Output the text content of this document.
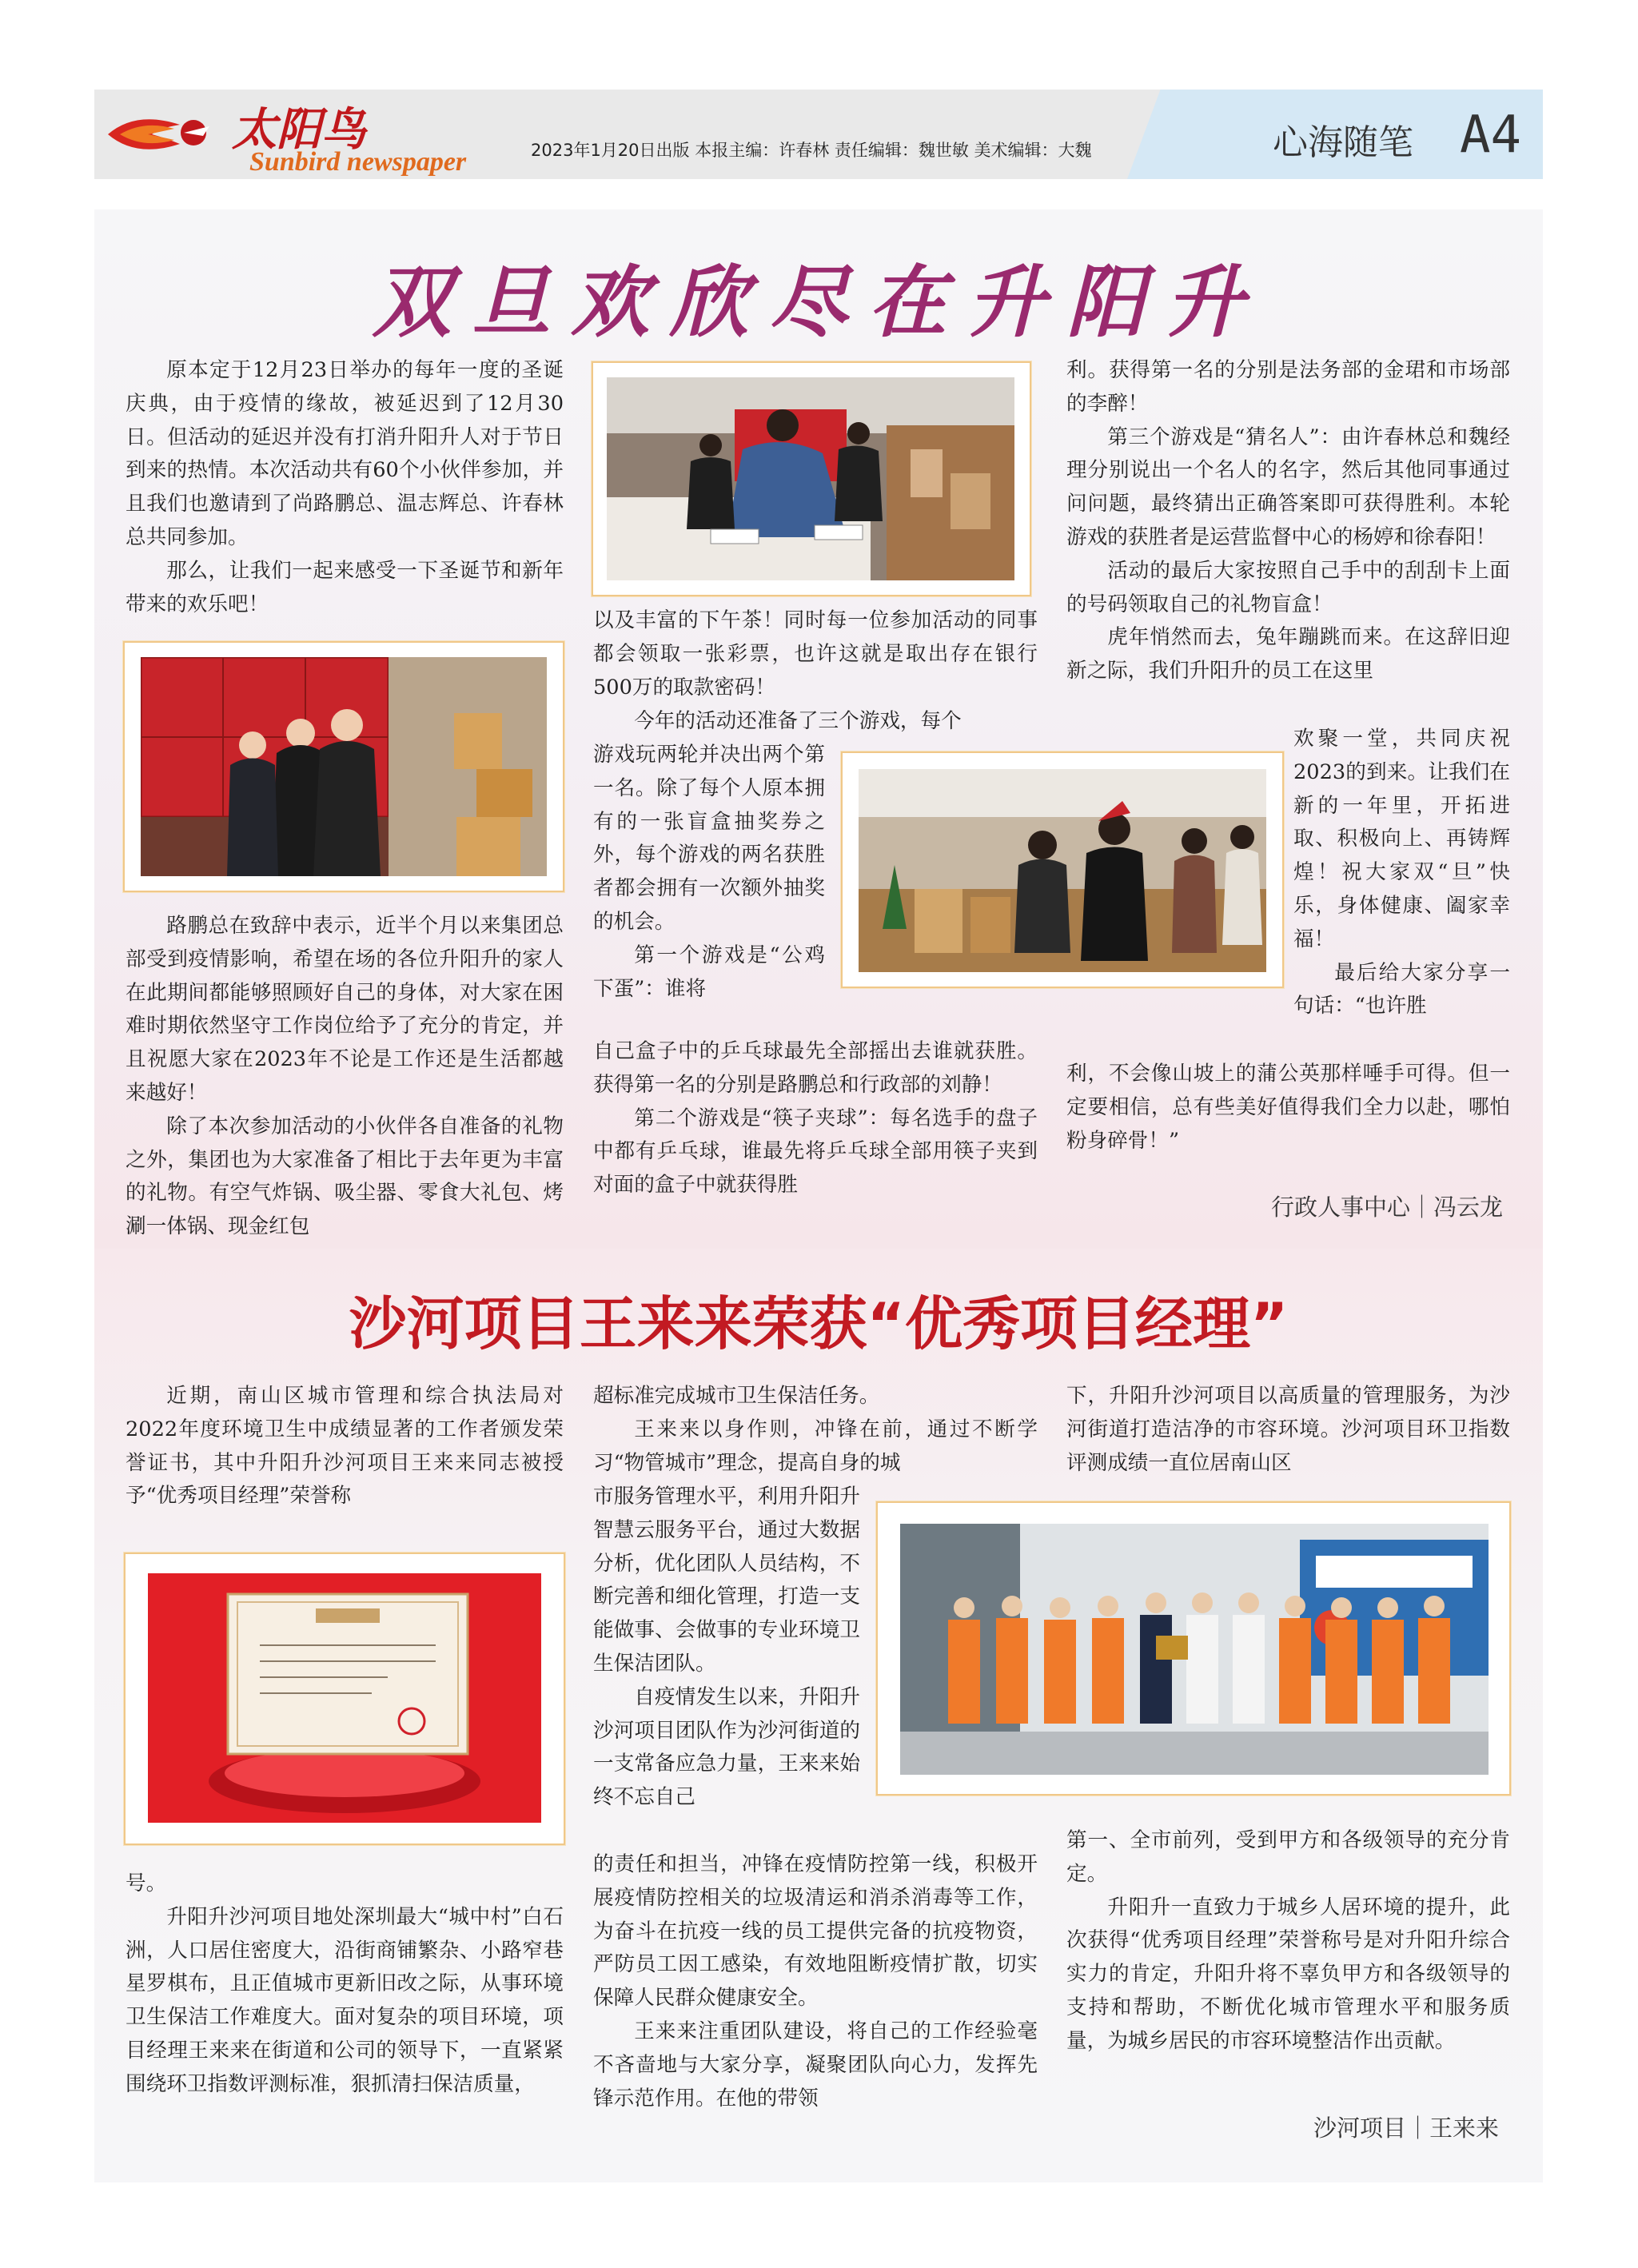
太阳鸟
Sunbird newspaper	2023年1月20日出版 本报主编：许春林 责任编辑：魏世敏 美术编辑：大魏	心海随笔 A4
双旦欢欣尽在升阳升

原本定于12月23日举办的每年一度的圣诞庆典，由于疫情的缘故，被延迟到了12月30日。但活动的延迟并没有打消升阳升人对于节日到来的热情。本次活动共有60个小伙伴参加，并且我们也邀请到了尚路鹏总、温志辉总、许春林总共同参加。

那么，让我们一起来感受一下圣诞节和新年带来的欢乐吧！

路鹏总在致辞中表示，近半个月以来集团总部受到疫情影响，希望在场的各位升阳升的家人在此期间都能够照顾好自己的身体，对大家在困难时期依然坚守工作岗位给予了充分的肯定，并且祝愿大家在2023年不论是工作还是生活都越来越好！

除了本次参加活动的小伙伴各自准备的礼物之外，集团也为大家准备了相比于去年更为丰富的礼物。有空气炸锅、吸尘器、零食大礼包、烤涮一体锅、现金红包

以及丰富的下午茶！同时每一位参加活动的同事都会领取一张彩票，也许这就是取出存在银行500万的取款密码！

今年的活动还准备了三个游戏，每个

游戏玩两轮并决出两个第一名。除了每个人原本拥有的一张盲盒抽奖券之外，每个游戏的两名获胜者都会拥有一次额外抽奖的机会。

第一个游戏是“公鸡下蛋”：谁将

自己盒子中的乒乓球最先全部摇出去谁就获胜。获得第一名的分别是路鹏总和行政部的刘静！

第二个游戏是“筷子夹球”：每名选手的盘子中都有乒乓球，谁最先将乒乓球全部用筷子夹到对面的盒子中就获得胜

利。获得第一名的分别是法务部的金珺和市场部的李醉！

第三个游戏是“猜名人”：由许春林总和魏经理分别说出一个名人的名字，然后其他同事通过问问题，最终猜出正确答案即可获得胜利。本轮游戏的获胜者是运营监督中心的杨婷和徐春阳！

活动的最后大家按照自己手中的刮刮卡上面的号码领取自己的礼物盲盒！

虎年悄然而去，兔年蹦跳而来。在这辞旧迎新之际，我们升阳升的员工在这里

欢聚一堂，共同庆祝2023的到来。让我们在新的一年里，开拓进取、积极向上、再铸辉煌！祝大家双“旦”快乐，身体健康、阖家幸福！

最后给大家分享一句话：“也许胜

利，不会像山坡上的蒲公英那样唾手可得。但一定要相信，总有些美好值得我们全力以赴，哪怕粉身碎骨！”

行政人事中心｜冯云龙
沙河项目王来来荣获“优秀项目经理”

近期，南山区城市管理和综合执法局对2022年度环境卫生中成绩显著的工作者颁发荣誉证书，其中升阳升沙河项目王来来同志被授予“优秀项目经理”荣誉称

号。

升阳升沙河项目地处深圳最大“城中村”白石洲，人口居住密度大，沿街商铺繁杂、小路窄巷星罗棋布，且正值城市更新旧改之际，从事环境卫生保洁工作难度大。面对复杂的项目环境，项目经理王来来在街道和公司的领导下，一直紧紧围绕环卫指数评测标准，狠抓清扫保洁质量，

超标准完成城市卫生保洁任务。

王来来以身作则，冲锋在前，通过不断学习“物管城市”理念，提高自身的城

市服务管理水平，利用升阳升智慧云服务平台，通过大数据分析，优化团队人员结构，不断完善和细化管理，打造一支能做事、会做事的专业环境卫生保洁团队。

自疫情发生以来，升阳升沙河项目团队作为沙河街道的一支常备应急力量，王来来始终不忘自己

的责任和担当，冲锋在疫情防控第一线，积极开展疫情防控相关的垃圾清运和消杀消毒等工作，为奋斗在抗疫一线的员工提供完备的抗疫物资，严防员工因工感染，有效地阻断疫情扩散，切实保障人民群众健康安全。

王来来注重团队建设，将自己的工作经验毫不吝啬地与大家分享，凝聚团队向心力，发挥先锋示范作用。在他的带领

下，升阳升沙河项目以高质量的管理服务，为沙河街道打造洁净的市容环境。沙河项目环卫指数评测成绩一直位居南山区

第一、全市前列，受到甲方和各级领导的充分肯定。

升阳升一直致力于城乡人居环境的提升，此次获得“优秀项目经理”荣誉称号是对升阳升综合实力的肯定，升阳升将不辜负甲方和各级领导的支持和帮助，不断优化城市管理水平和服务质量，为城乡居民的市容环境整洁作出贡献。

沙河项目｜王来来
